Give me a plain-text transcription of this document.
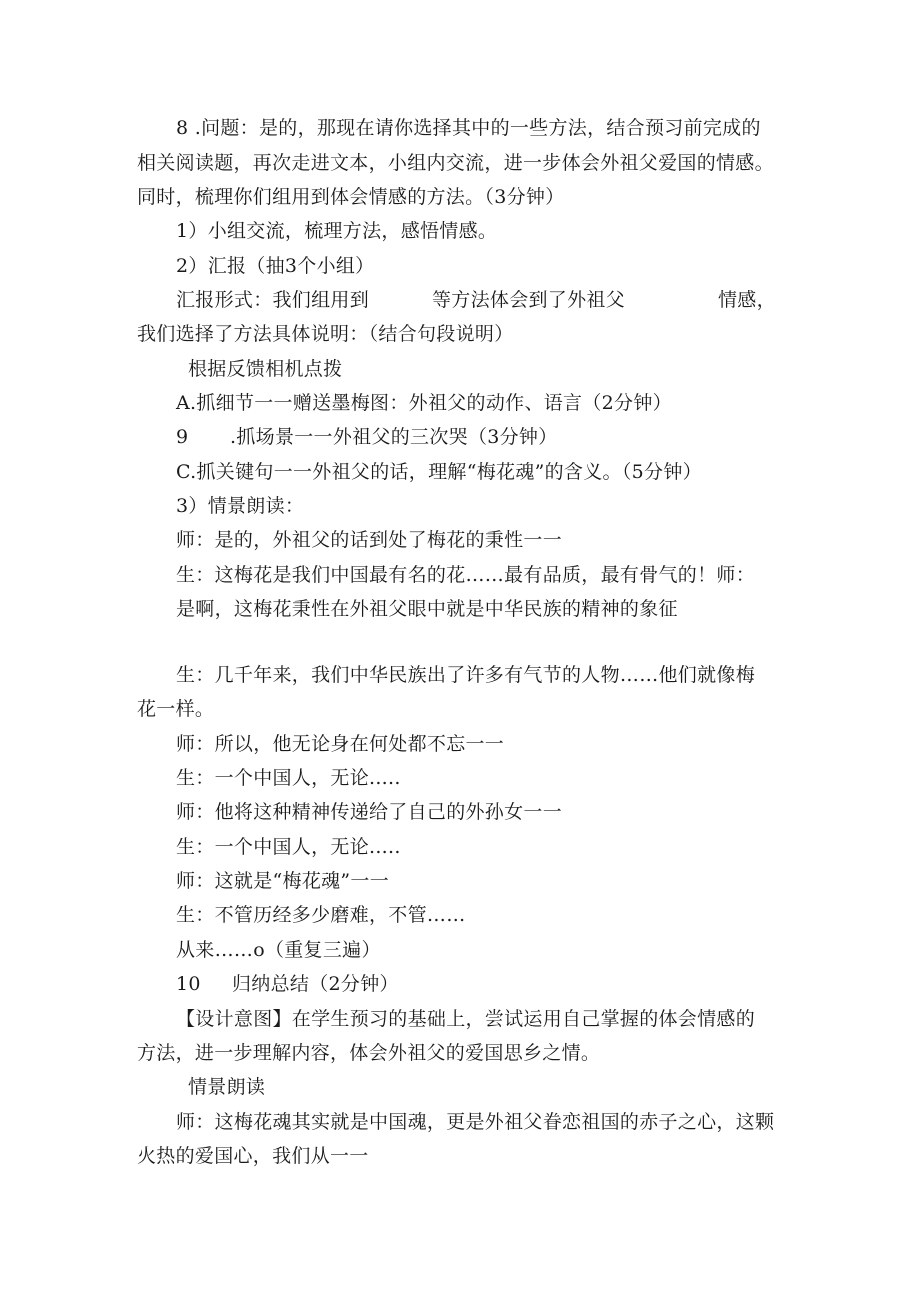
8 .问题：是的，那现在请你选择其中的一些方法，结合预习前完成的
相关阅读题，再次走进文本，小组内交流，进一步体会外祖父爱国的情感。
同时，梳理你们组用到体会情感的方法。（3分钟）
1）小组交流，梳理方法，感悟情感。
2）汇报（抽3个小组）
汇报形式：我们组用到	等方法体会到了外祖父	情感，
我们选择了方法具体说明：（结合句段说明）
根据反馈相机点拨
A.抓细节一一赠送墨梅图：外祖父的动作、语言（2分钟）
9 .抓场景一一外祖父的三次哭（3分钟）
C.抓关键句一一外祖父的话，理解“梅花魂”的含义。（5分钟）
3）情景朗读：
师：是的，外祖父的话到处了梅花的秉性一一
生：这梅花是我们中国最有名的花……最有品质，最有骨气的！师：
是啊，这梅花秉性在外祖父眼中就是中华民族的精神的象征
生：几千年来，我们中华民族出了许多有气节的人物……他们就像梅
花一样。
师：所以，他无论身在何处都不忘一一
生：一个中国人，无论.....
师：他将这种精神传递给了自己的外孙女一一
生：一个中国人，无论.....
师：这就是“梅花魂”一一
生：不管历经多少磨难，不管……
从来……o（重复三遍）
10 归纳总结（2分钟）
【设计意图】在学生预习的基础上，尝试运用自己掌握的体会情感的
方法，进一步理解内容，体会外祖父的爱国思乡之情。
情景朗读
师：这梅花魂其实就是中国魂，更是外祖父眷恋祖国的赤子之心，这颗
火热的爱国心，我们从一一
